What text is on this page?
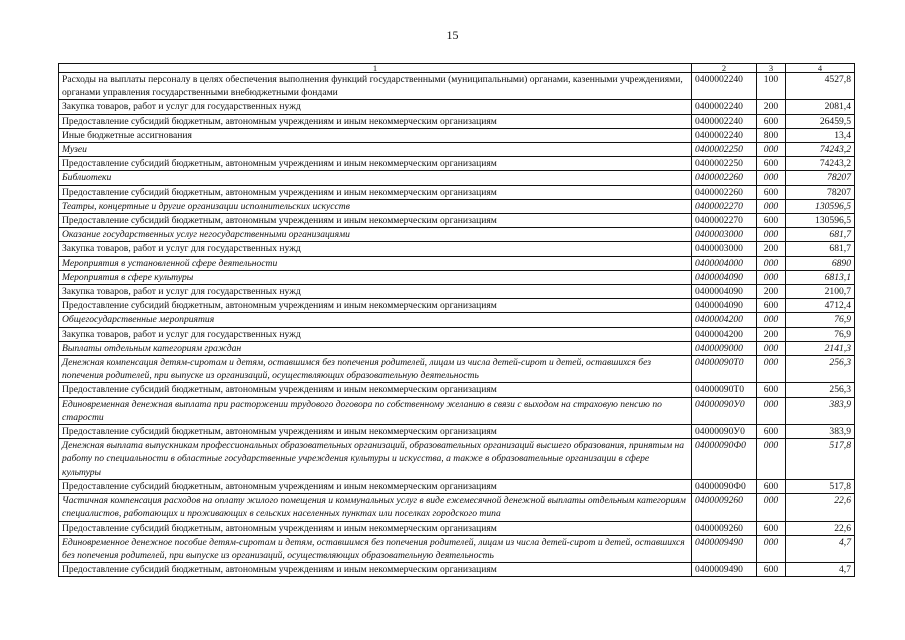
15
1	2	3	4
Расходы на выплаты персоналу в целях обеспечения выполнения функций государственными (муниципальными) органами, казенными учреждениями, органами управления государственными внебюджетными фондами	0400002240	100	4527,8
Закупка товаров, работ и услуг для государственных нужд	0400002240	200	2081,4
Предоставление субсидий бюджетным, автономным учреждениям и иным некоммерческим организациям	0400002240	600	26459,5
Иные бюджетные ассигнования	0400002240	800	13,4
Музеи	0400002250	000	74243,2
Предоставление субсидий бюджетным, автономным учреждениям и иным некоммерческим организациям	0400002250	600	74243,2
Библиотеки	0400002260	000	78207
Предоставление субсидий бюджетным, автономным учреждениям и иным некоммерческим организациям	0400002260	600	78207
Театры, концертные и другие организации исполнительских искусств	0400002270	000	130596,5
Предоставление субсидий бюджетным, автономным учреждениям и иным некоммерческим организациям	0400002270	600	130596,5
Оказание государственных услуг негосударственными организациями	0400003000	000	681,7
Закупка товаров, работ и услуг для государственных нужд	0400003000	200	681,7
Мероприятия в установленной сфере деятельности	0400004000	000	6890
Мероприятия в сфере культуры	0400004090	000	6813,1
Закупка товаров, работ и услуг для государственных нужд	0400004090	200	2100,7
Предоставление субсидий бюджетным, автономным учреждениям и иным некоммерческим организациям	0400004090	600	4712,4
Общегосударственные мероприятия	0400004200	000	76,9
Закупка товаров, работ и услуг для государственных нужд	0400004200	200	76,9
Выплаты отдельным категориям граждан	0400009000	000	2141,3
Денежная компенсация детям-сиротам и детям, оставшимся без попечения родителей, лицам из числа детей-сирот и детей, оставшихся без попечения родителей, при выпуске из организаций, осуществляющих образовательную деятельность	04000090Т0	000	256,3
Предоставление субсидий бюджетным, автономным учреждениям и иным некоммерческим организациям	04000090Т0	600	256,3
Единовременная денежная выплата при расторжении трудового договора по собственному желанию в связи с выходом на страховую пенсию по старости	04000090У0	000	383,9
Предоставление субсидий бюджетным, автономным учреждениям и иным некоммерческим организациям	04000090У0	600	383,9
Денежная выплата выпускникам профессиональных образовательных организаций, образовательных организаций высшего образования, принятым на работу по специальности в областные государственные учреждения культуры и искусства, а также в образовательные организации в сфере культуры	04000090Ф0	000	517,8
Предоставление субсидий бюджетным, автономным учреждениям и иным некоммерческим организациям	04000090Ф0	600	517,8
Частичная компенсация расходов на оплату жилого помещения и коммунальных услуг в виде ежемесячной денежной выплаты отдельным категориям специалистов, работающих и проживающих в сельских населенных пунктах или поселках городского типа	0400009260	000	22,6
Предоставление субсидий бюджетным, автономным учреждениям и иным некоммерческим организациям	0400009260	600	22,6
Единовременное денежное пособие детям-сиротам и детям, оставшимся без попечения родителей, лицам из числа детей-сирот и детей, оставшихся без попечения родителей, при выпуске из организаций, осуществляющих образовательную деятельность	0400009490	000	4,7
Предоставление субсидий бюджетным, автономным учреждениям и иным некоммерческим организациям	0400009490	600	4,7
